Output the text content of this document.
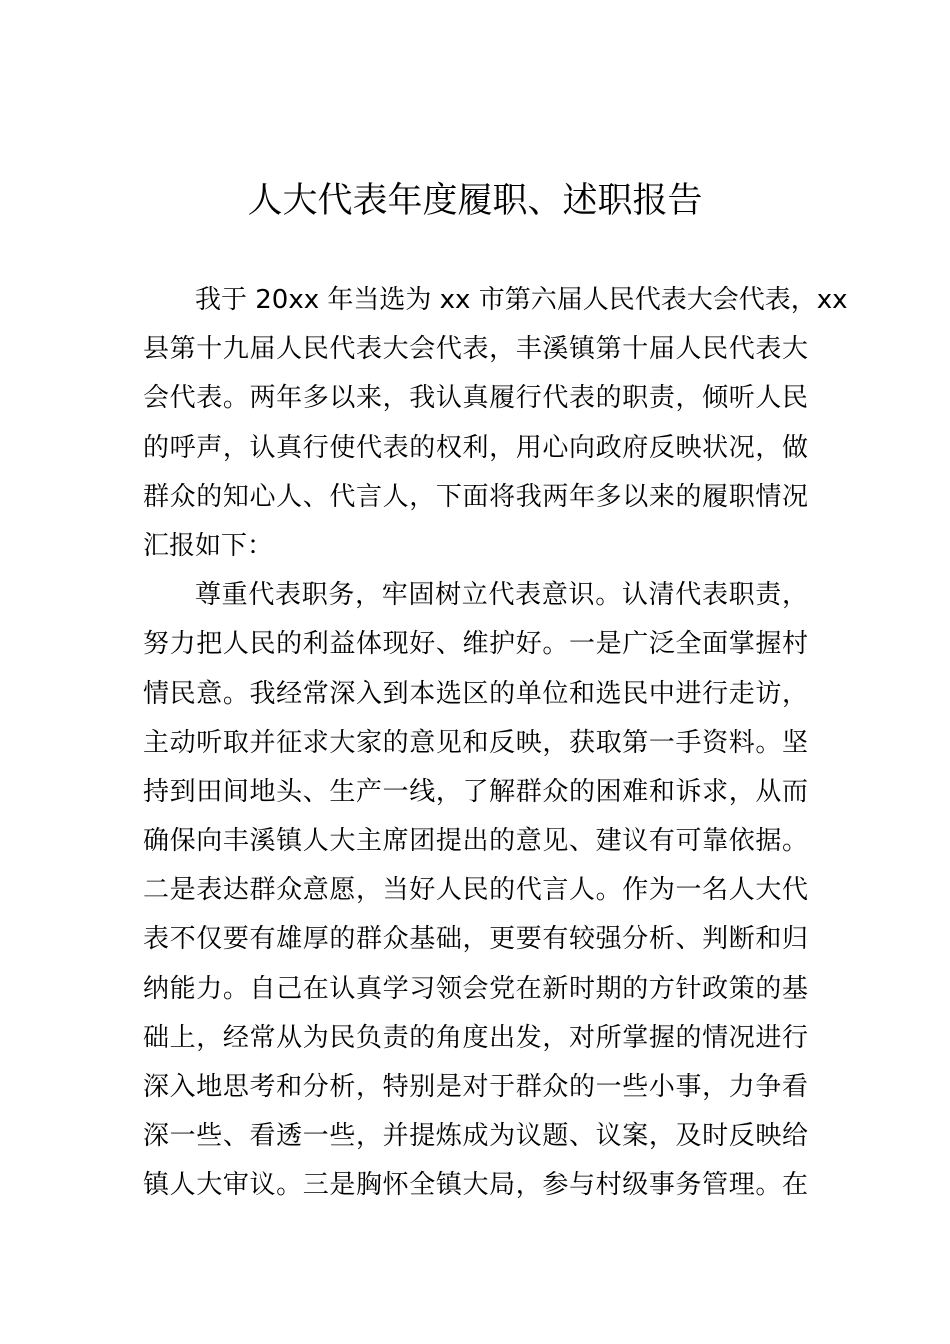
人大代表年度履职、述职报告
我于 20xx 年当选为 xx 市第六届人民代表大会代表，xx
县第十九届人民代表大会代表，丰溪镇第十届人民代表大
会代表。两年多以来，我认真履行代表的职责，倾听人民
的呼声，认真行使代表的权利，用心向政府反映状况，做
群众的知心人、代言人，下面将我两年多以来的履职情况
汇报如下：
尊重代表职务，牢固树立代表意识。认清代表职责，
努力把人民的利益体现好、维护好。一是广泛全面掌握村
情民意。我经常深入到本选区的单位和选民中进行走访，
主动听取并征求大家的意见和反映，获取第一手资料。坚
持到田间地头、生产一线，了解群众的困难和诉求，从而
确保向丰溪镇人大主席团提出的意见、建议有可靠依据。
二是表达群众意愿，当好人民的代言人。作为一名人大代
表不仅要有雄厚的群众基础，更要有较强分析、判断和归
纳能力。自己在认真学习领会党在新时期的方针政策的基
础上，经常从为民负责的角度出发，对所掌握的情况进行
深入地思考和分析，特别是对于群众的一些小事，力争看
深一些、看透一些，并提炼成为议题、议案，及时反映给
镇人大审议。三是胸怀全镇大局，参与村级事务管理。在
